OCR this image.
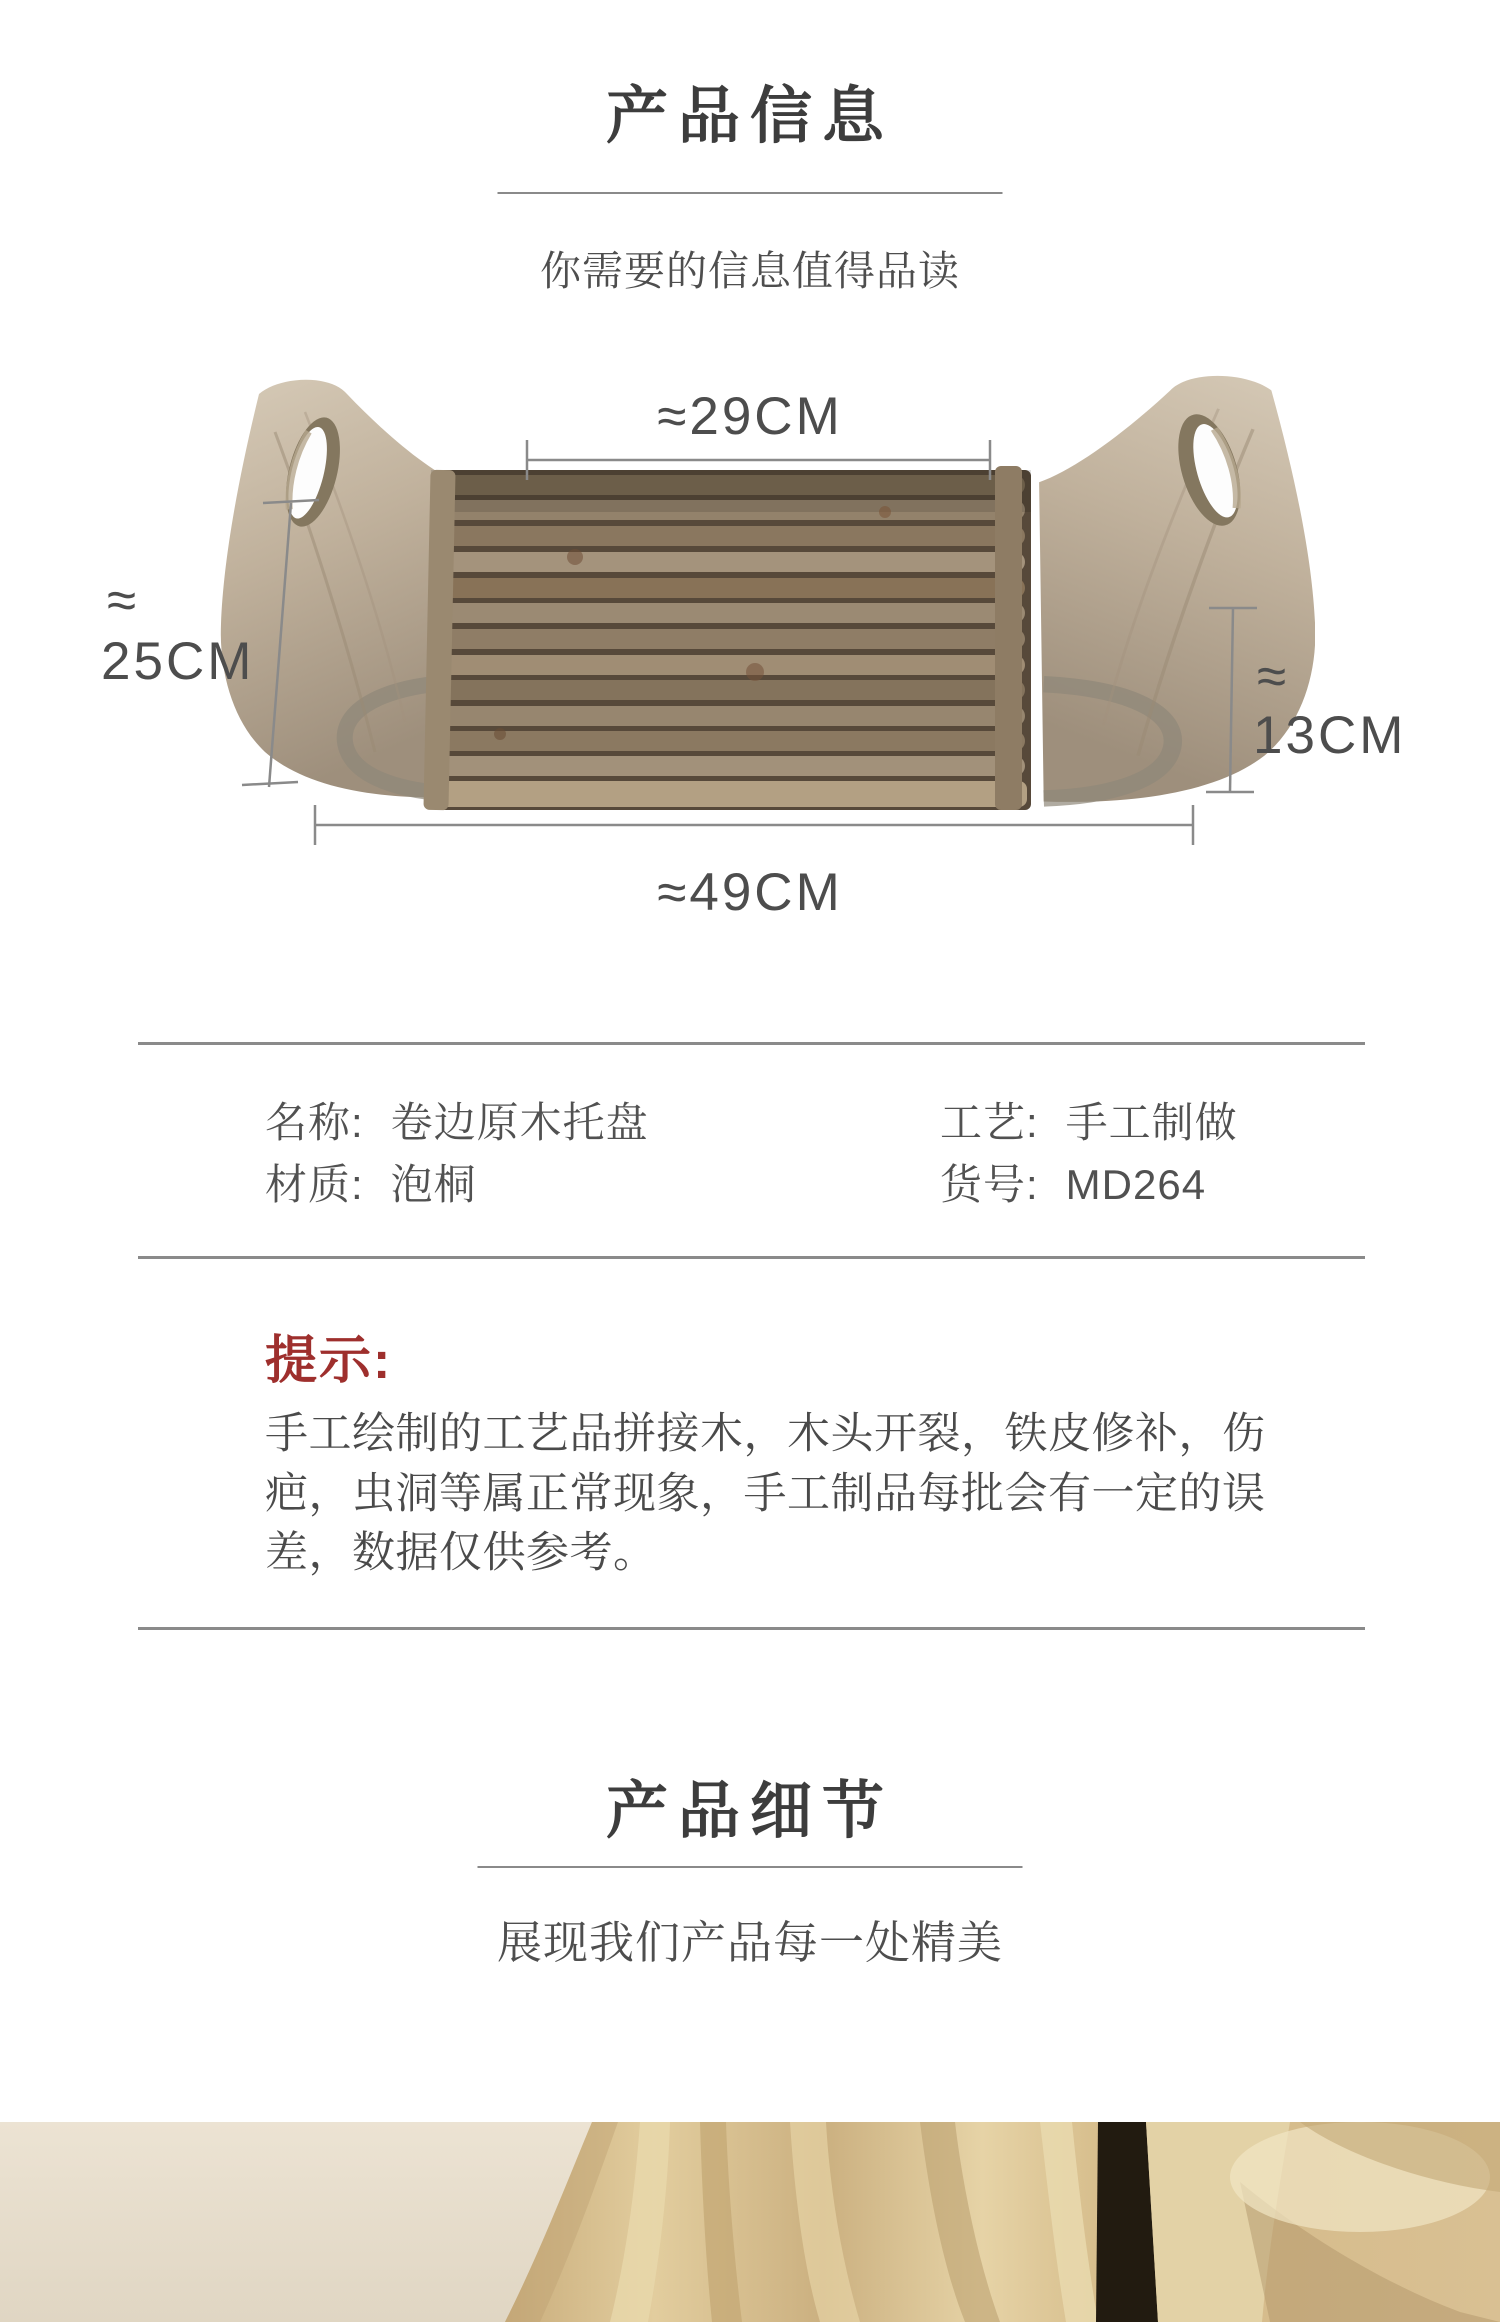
产品信息
你需要的信息值得品读
≈29CM
≈
25CM	≈
13CM
≈49CM
名称: 卷边原木托盘
材质: 泡桐
工艺: 手工制做
货号: MD264
提示:
手工绘制的工艺品拼接木，木头开裂，铁皮修补，伤
疤，虫洞等属正常现象，手工制品每批会有一定的误
差，数据仅供参考。
产品细节
展现我们产品每一处精美
